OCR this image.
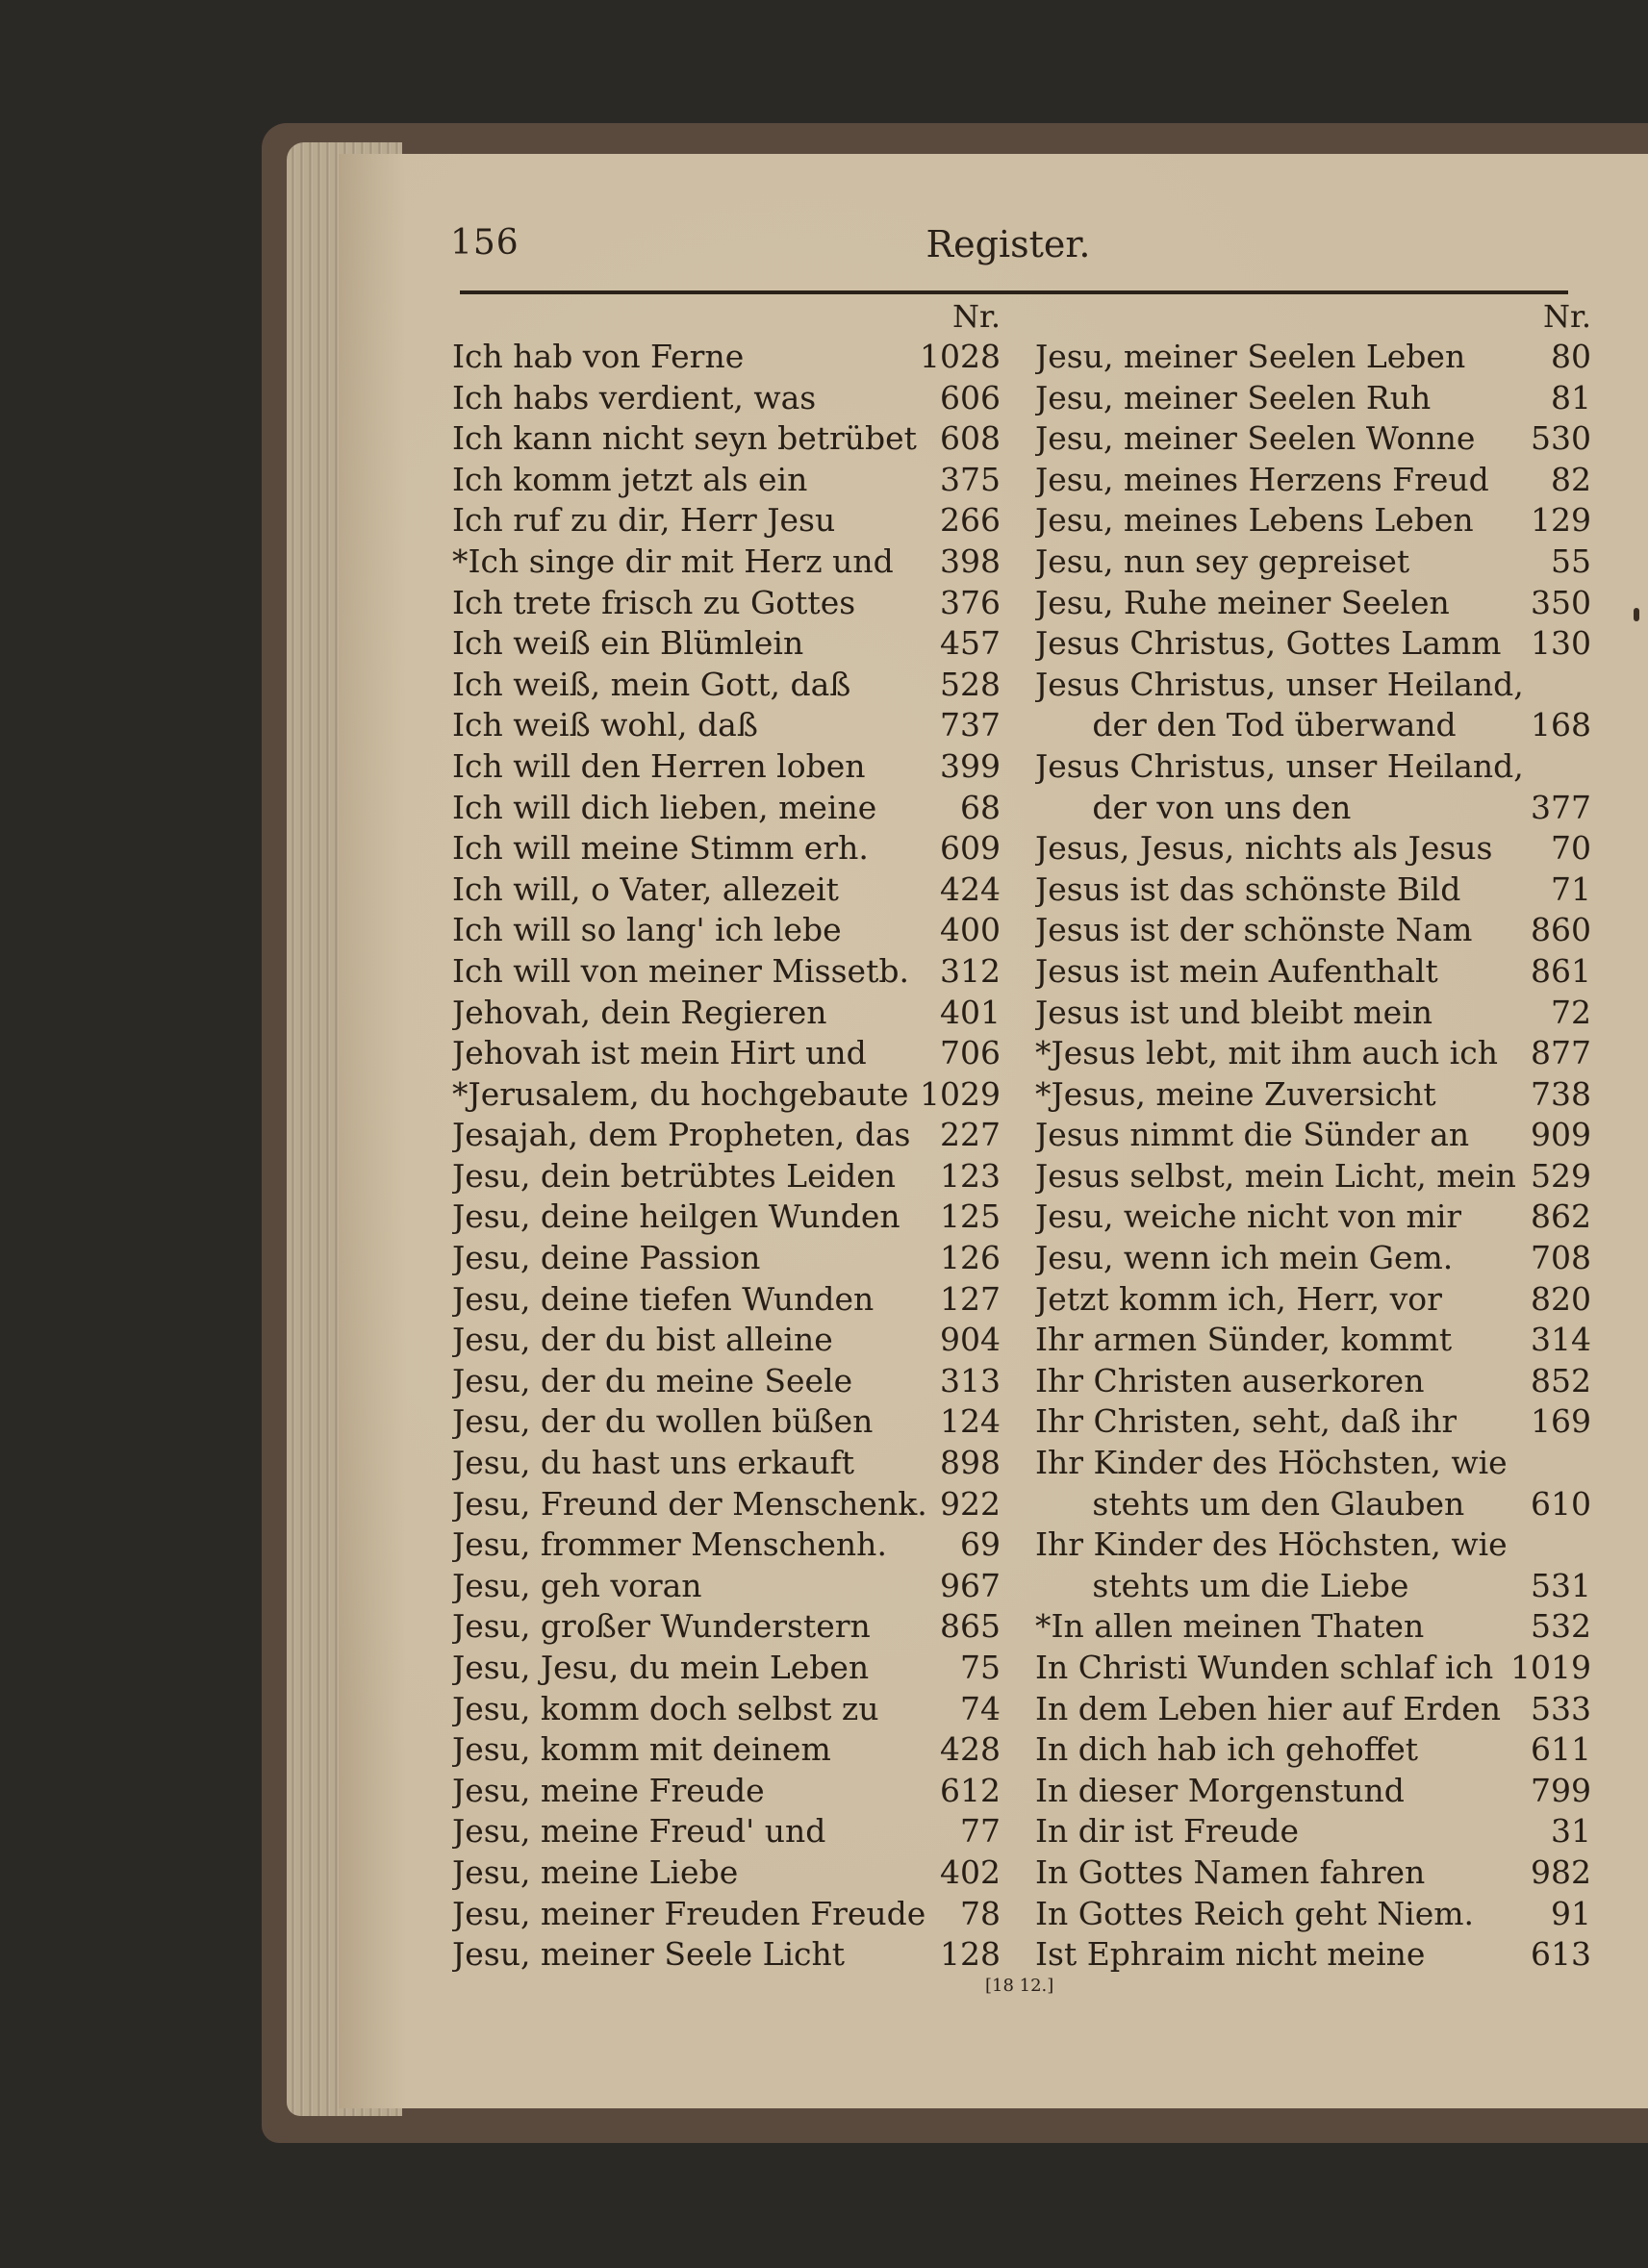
156	Register.
Nr.
Ich hab von Ferne	1028
Ich habs verdient, was	606
Ich kann nicht seyn betrübet 608
Ich komm jetzt als ein	375
Ich ruf zu dir, Herr Jesu	266
*Ich singe dir mit Herz und 398
Ich trete frisch zu Gottes	376
Ich weiß ein Blümlein	457
Ich weiß, mein Gott, daß	528
Ich weiß wohl, daß	737
Ich will den Herren loben 399
Ich will dich lieben, meine	68
Ich will meine Stimm erh. 609
Ich will, o Vater, allezeit	424
Ich will so lang' ich lebe	400
Ich will von meiner Missetb. 312
Jehovah, dein Regieren	401
Jehovah ist mein Hirt und 706
*Jerusalem, du hochgebaute 1029
Jesajah, dem Propheten, das 227
Jesu, dein betrübtes Leiden 123
Jesu, deine heilgen Wunden 125
Jesu, deine Passion	126
Jesu, deine tiefen Wunden 127
Jesu, der du bist alleine	904
Jesu, der du meine Seele	313
Jesu, der du wollen büßen 124
Jesu, du hast uns erkauft	898
Jesu, Freund der Menschenk. 922
Jesu, frommer Menschenh. 69
Jesu, geh voran	967
Jesu, großer Wunderstern 865
Jesu, Jesu, du mein Leben	75
Jesu, komm doch selbst zu	74
Jesu, komm mit deinem	428
Jesu, meine Freude	612
Jesu, meine Freud' und	77
Jesu, meine Liebe	402
Jesu, meiner Freuden Freude 78
Jesu, meiner Seele Licht	128
Nr.
Jesu, meiner Seelen Leben	80
Jesu, meiner Seelen Ruh	81
Jesu, meiner Seelen Wonne 530
Jesu, meines Herzens Freud 82
Jesu, meines Lebens Leben 129
Jesu, nun sey gepreiset	55
Jesu, Ruhe meiner Seelen	350
Jesus Christus, Gottes Lamm 130
Jesus Christus, unser Heiland,
der den Tod überwand 168
Jesus Christus, unser Heiland,
der von uns den	377
Jesus, Jesus, nichts als Jesus 70
Jesus ist das schönste Bild	71
Jesus ist der schönste Nam 860
Jesus ist mein Aufenthalt	861
Jesus ist und bleibt mein	72
*Jesus lebt, mit ihm auch ich 877
*Jesus, meine Zuversicht	738
Jesus nimmt die Sünder an 909
Jesus selbst, mein Licht, mein 529
Jesu, weiche nicht von mir 862
Jesu, wenn ich mein Gem. 708
Jetzt komm ich, Herr, vor	820
Ihr armen Sünder, kommt 314
Ihr Christen auserkoren	852
Ihr Christen, seht, daß ihr 169
Ihr Kinder des Höchsten, wie
stehts um den Glauben 610
Ihr Kinder des Höchsten, wie
stehts um die Liebe	531
*In allen meinen Thaten	532
In Christi Wunden schlaf ich 1019
In dem Leben hier auf Erden 533
In dich hab ich gehoffet	611
In dieser Morgenstund	799
In dir ist Freude	31
In Gottes Namen fahren	982
In Gottes Reich geht Niem. 91
Ist Ephraim nicht meine	613
[18 12.]
